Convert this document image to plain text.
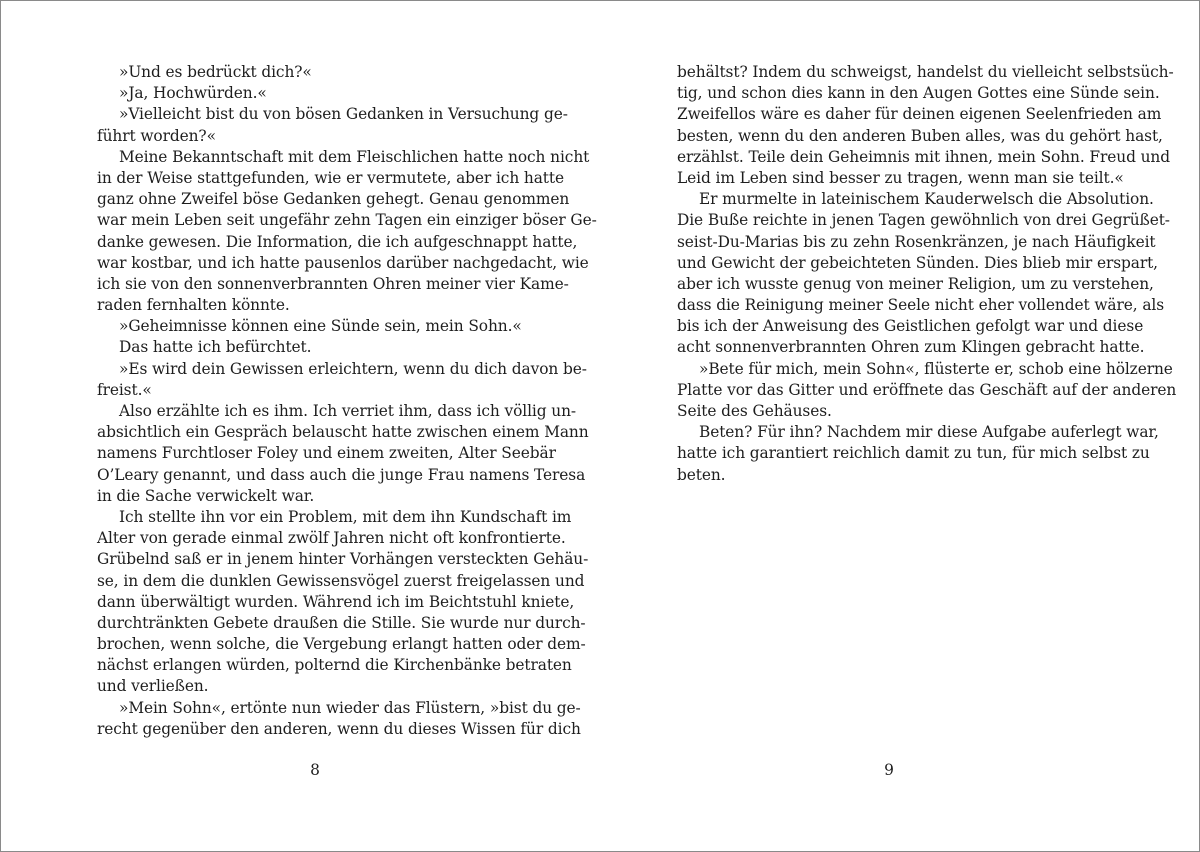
»Und es bedrückt dich?«
»Ja, Hochwürden.«
»Vielleicht bist du von bösen Gedanken in Versuchung ge-
führt worden?«
Meine Bekanntschaft mit dem Fleischlichen hatte noch nicht
in der Weise stattgefunden, wie er vermutete, aber ich hatte
ganz ohne Zweifel böse Gedanken gehegt. Genau genommen
war mein Leben seit ungefähr zehn Tagen ein einziger böser Ge-
danke gewesen. Die Information, die ich aufgeschnappt hatte,
war kostbar, und ich hatte pausenlos darüber nachgedacht, wie
ich sie von den sonnenverbrannten Ohren meiner vier Kame-
raden fernhalten könnte.
»Geheimnisse können eine Sünde sein, mein Sohn.«
Das hatte ich befürchtet.
»Es wird dein Gewissen erleichtern, wenn du dich davon be-
freist.«
Also erzählte ich es ihm. Ich verriet ihm, dass ich völlig un-
absichtlich ein Gespräch belauscht hatte zwischen einem Mann
namens Furchtloser Foley und einem zweiten, Alter Seebär
O’Leary genannt, und dass auch die junge Frau namens Teresa
in die Sache verwickelt war.
Ich stellte ihn vor ein Problem, mit dem ihn Kundschaft im
Alter von gerade einmal zwölf Jahren nicht oft konfrontierte.
Grübelnd saß er in jenem hinter Vorhängen versteckten Gehäu-
se, in dem die dunklen Gewissensvögel zuerst freigelassen und
dann überwältigt wurden. Während ich im Beichtstuhl kniete,
durchtränkten Gebete draußen die Stille. Sie wurde nur durch-
brochen, wenn solche, die Vergebung erlangt hatten oder dem-
nächst erlangen würden, polternd die Kirchenbänke betraten
und verließen.
»Mein Sohn«, ertönte nun wieder das Flüstern, »bist du ge-
recht gegenüber den anderen, wenn du dieses Wissen für dich
8
behältst? Indem du schweigst, handelst du vielleicht selbstsüch-
tig, und schon dies kann in den Augen Gottes eine Sünde sein.
Zweifellos wäre es daher für deinen eigenen Seelenfrieden am
besten, wenn du den anderen Buben alles, was du gehört hast,
erzählst. Teile dein Geheimnis mit ihnen, mein Sohn. Freud und
Leid im Leben sind besser zu tragen, wenn man sie teilt.«
Er murmelte in lateinischem Kauderwelsch die Absolution.
Die Buße reichte in jenen Tagen gewöhnlich von drei Gegrüßet-
seist-Du-Marias bis zu zehn Rosenkränzen, je nach Häufigkeit
und Gewicht der gebeichteten Sünden. Dies blieb mir erspart,
aber ich wusste genug von meiner Religion, um zu verstehen,
dass die Reinigung meiner Seele nicht eher vollendet wäre, als
bis ich der Anweisung des Geistlichen gefolgt war und diese
acht sonnenverbrannten Ohren zum Klingen gebracht hatte.
»Bete für mich, mein Sohn«, flüsterte er, schob eine hölzerne
Platte vor das Gitter und eröffnete das Geschäft auf der anderen
Seite des Gehäuses.
Beten? Für ihn? Nachdem mir diese Aufgabe auferlegt war,
hatte ich garantiert reichlich damit zu tun, für mich selbst zu
beten.
9
